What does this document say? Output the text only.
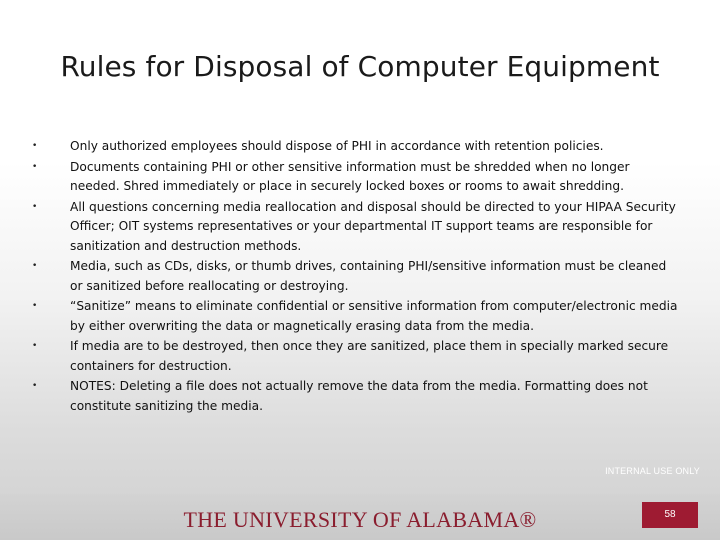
Rules for Disposal of Computer Equipment
•	Only authorized employees should dispose of PHI in accordance with retention policies.
•	Documents containing PHI or other sensitive information must be shredded when no longer needed. Shred immediately or place in securely locked boxes or rooms to await shredding.
•	All questions concerning media reallocation and disposal should be directed to your HIPAA Security Officer; OIT systems representatives or your departmental IT support teams are responsible for sanitization and destruction methods.
•	Media, such as CDs, disks, or thumb drives, containing PHI/sensitive information must be cleaned or sanitized before reallocating or destroying.
•	“Sanitize” means to eliminate confidential or sensitive information from computer/electronic media by either overwriting the data or magnetically erasing data from the media.
•	If media are to be destroyed, then once they are sanitized, place them in specially marked secure containers for destruction.
•	NOTES: Deleting a file does not actually remove the data from the media. Formatting does not constitute sanitizing the media.
INTERNAL USE ONLY
THE UNIVERSITY OF ALABAMA®	58
